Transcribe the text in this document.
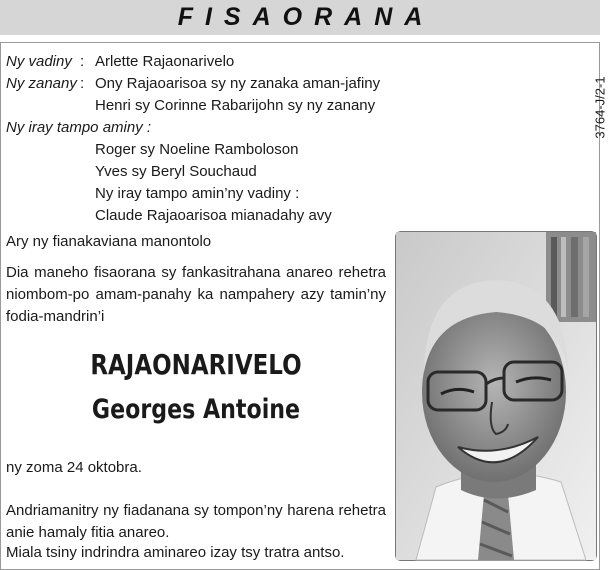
FISAORANA
Ny vadiny : Arlette Rajaonarivelo
Ny zanany : Ony Rajaoarisoa sy ny zanaka aman-jafiny
Henri sy Corinne Rabarijohn sy ny zanany
Ny iray tampo aminy :
Roger sy Noeline Ramboloson
Yves sy Beryl Souchaud
Ny iray tampo amin’ny vadiny :
Claude Rajaoarisoa mianadahy avy
Ary ny fianakaviana manontolo
3764-J/2-1
Dia maneho fisaorana sy fankasitrahana anareo rehetra niombom-po amam-panahy ka nampahery azy tamin’ny fodia-mandrin’i
RAJAONARIVELO
Georges Antoine
ny zoma 24 oktobra.
Andriamanitry ny fiadanana sy tompon’ny harena rehetra anie hamaly fitia anareo.
Miala tsiny indrindra aminareo izay tsy tratra antso.
